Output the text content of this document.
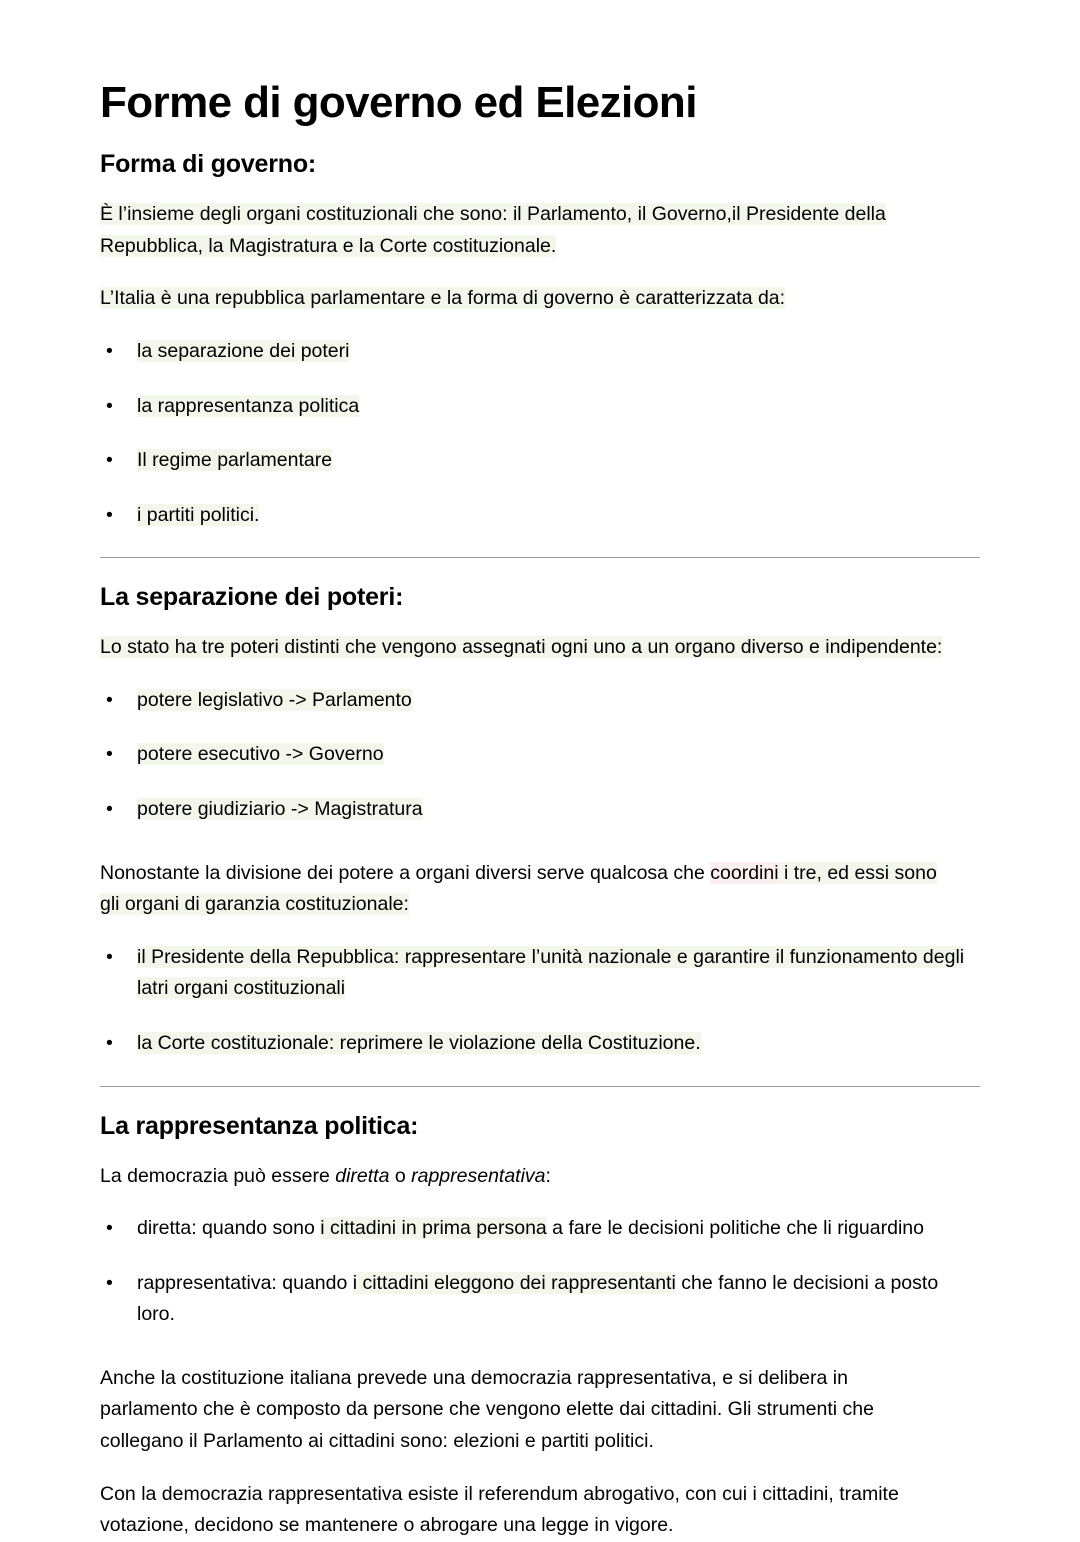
Forme di governo ed Elezioni
Forma di governo:

È l’insieme degli organi costituzionali che sono: il Parlamento, il Governo,il Presidente della Repubblica, la Magistratura e la Corte costituzionale.

L’Italia è una repubblica parlamentare e la forma di governo è caratterizzata da:

• la separazione dei poteri
• la rappresentanza politica
• Il regime parlamentare
• i partiti politici.
La separazione dei poteri:

Lo stato ha tre poteri distinti che vengono assegnati ogni uno a un organo diverso e indipendente:

• potere legislativo -> Parlamento
• potere esecutivo -> Governo
• potere giudiziario -> Magistratura

Nonostante la divisione dei potere a organi diversi serve qualcosa che coordini i tre, ed essi sono gli organi di garanzia costituzionale:

• il Presidente della Repubblica: rappresentare l’unità nazionale e garantire il funzionamento degli latri organi costituzionali
• la Corte costituzionale: reprimere le violazione della Costituzione.
La rappresentanza politica:

La democrazia può essere diretta o rappresentativa:

• diretta: quando sono i cittadini in prima persona a fare le decisioni politiche che li riguardino
• rappresentativa: quando i cittadini eleggono dei rappresentanti che fanno le decisioni a posto loro.

Anche la costituzione italiana prevede una democrazia rappresentativa, e si delibera in parlamento che è composto da persone che vengono elette dai cittadini. Gli strumenti che collegano il Parlamento ai cittadini sono: elezioni e partiti politici.

Con la democrazia rappresentativa esiste il referendum abrogativo, con cui i cittadini, tramite votazione, decidono se mantenere o abrogare una legge in vigore.
